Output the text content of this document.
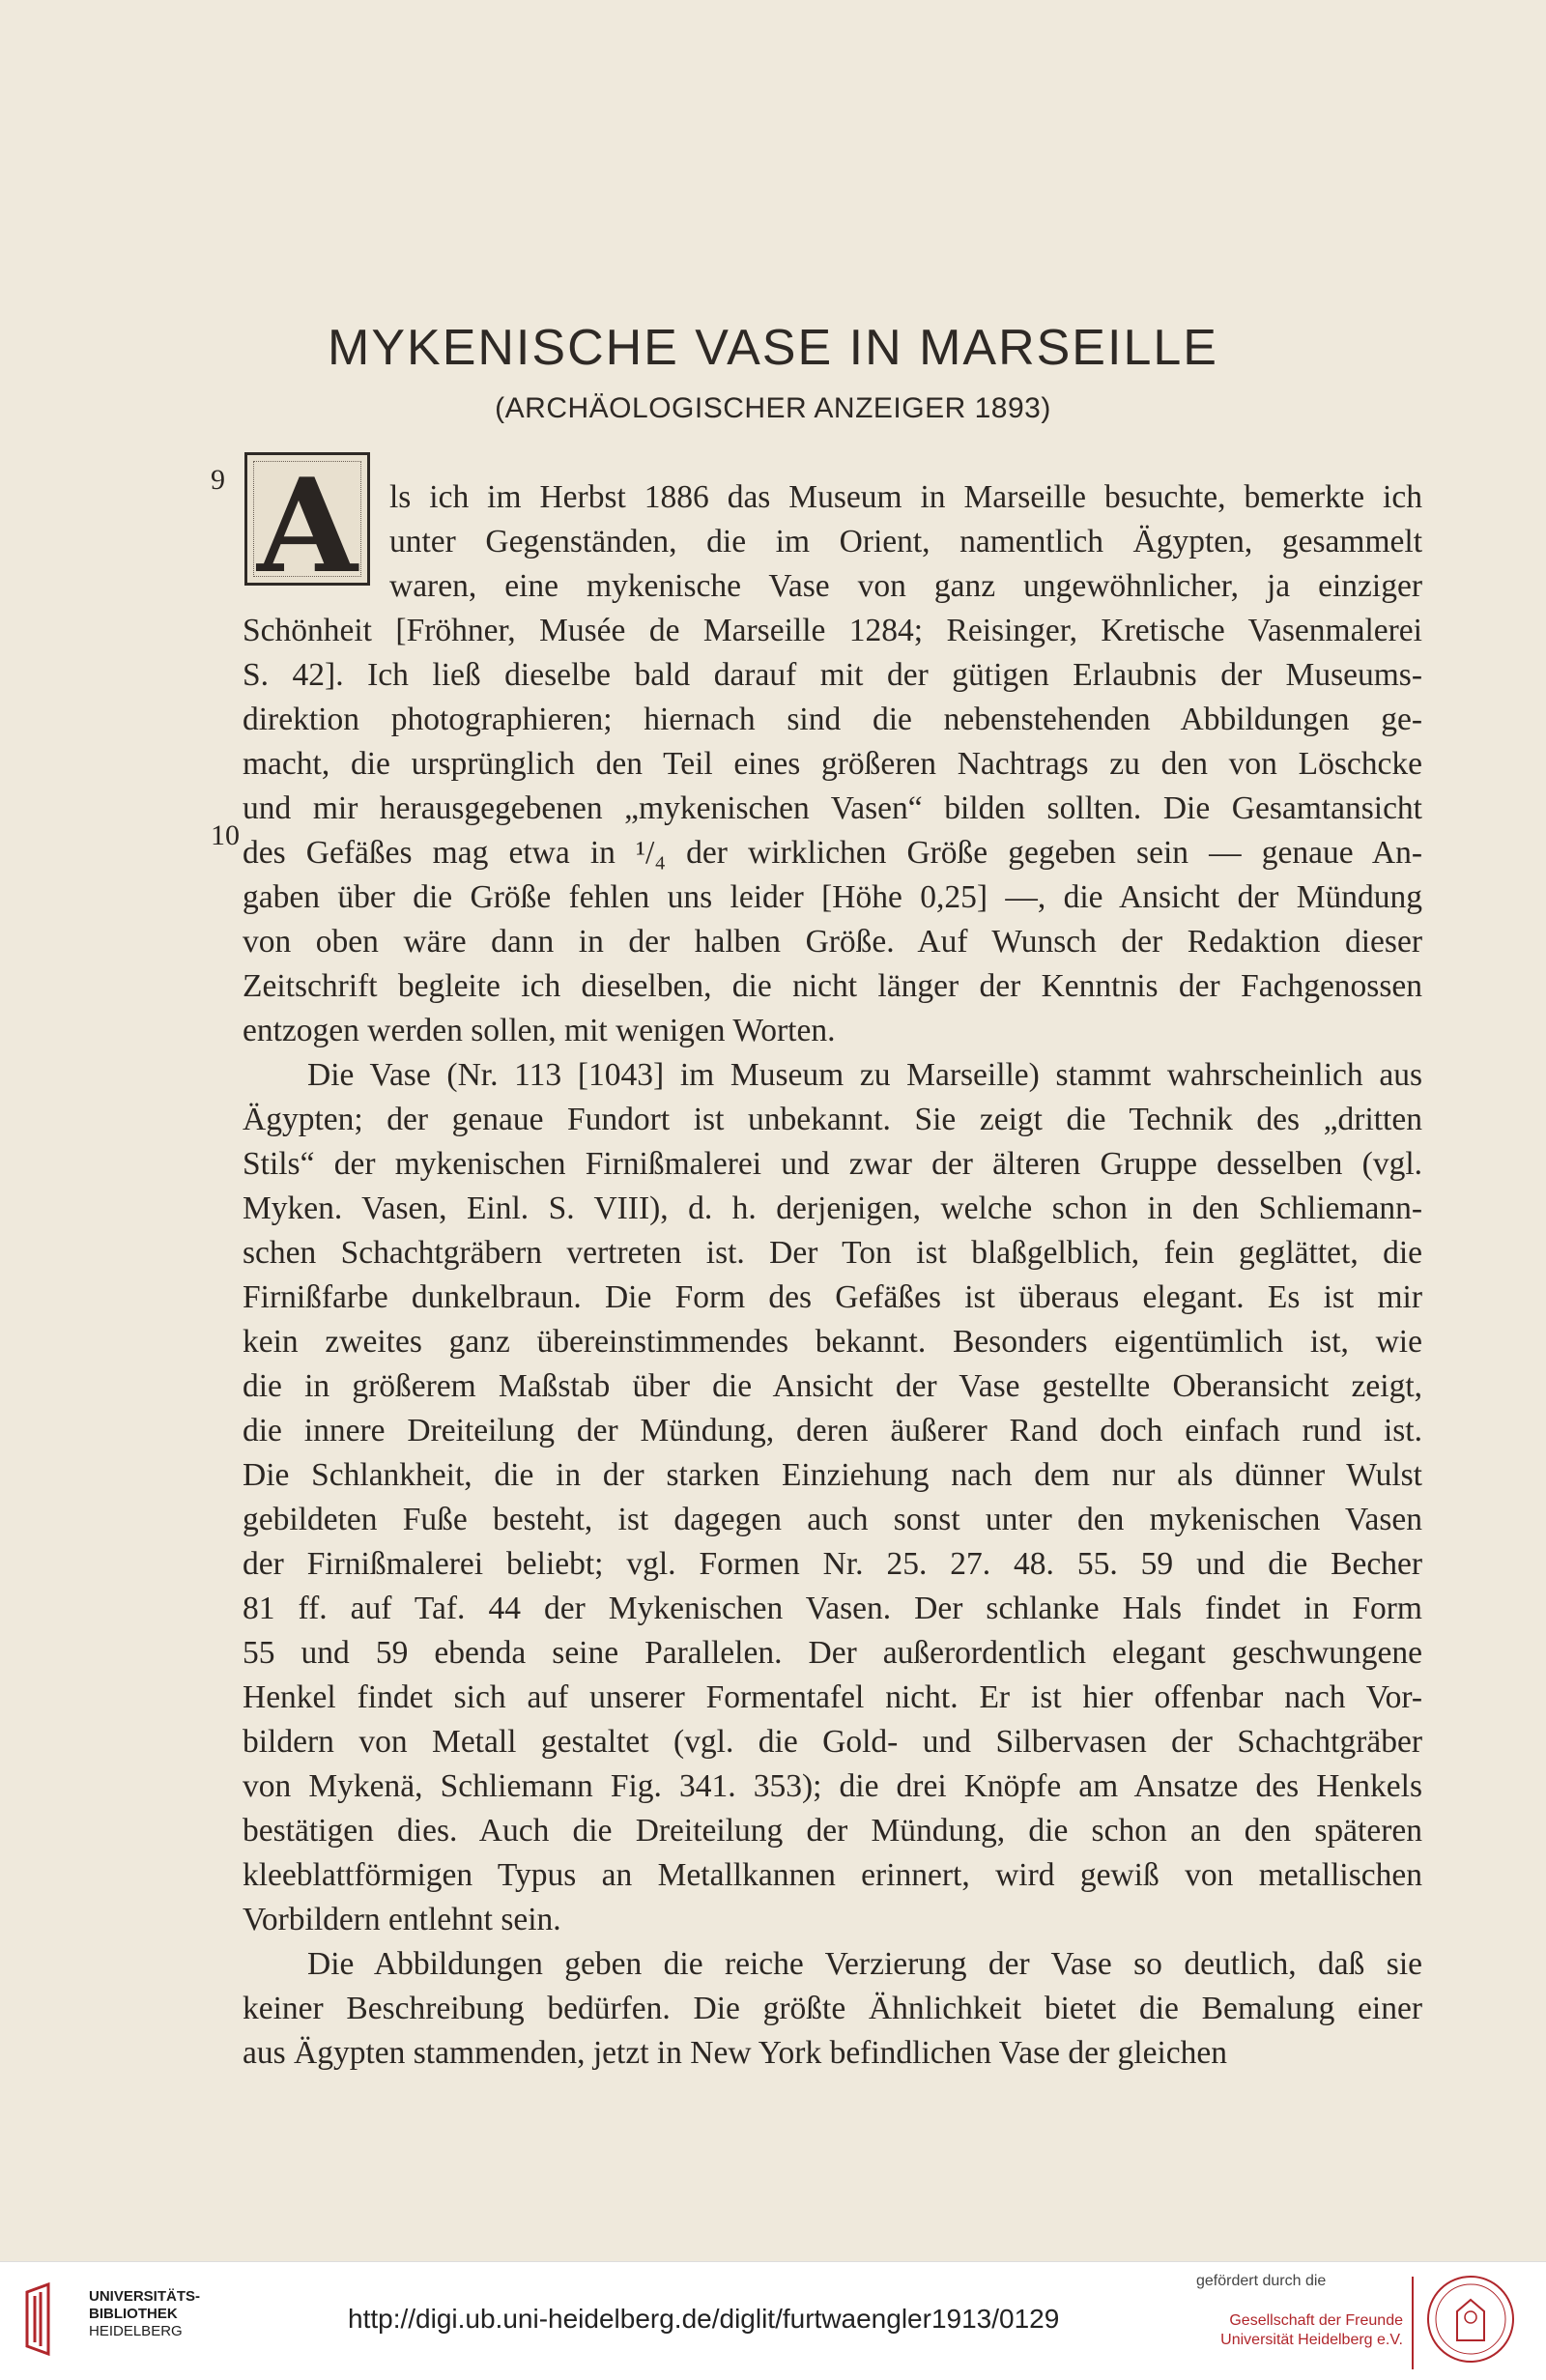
MYKENISCHE VASE IN MARSEILLE
(ARCHÄOLOGISCHER ANZEIGER 1893)
A
9
10
ls ich im Herbst 1886 das Museum in Marseille besuchte, bemerkte ich
unter Gegenständen, die im Orient, namentlich Ägypten, gesammelt
waren, eine mykenische Vase von ganz ungewöhnlicher, ja einziger
Schönheit [Fröhner, Musée de Marseille 1284; Reisinger, Kretische Vasenmalerei
S. 42]. Ich ließ dieselbe bald darauf mit der gütigen Erlaubnis der Museums-
direktion photographieren; hiernach sind die nebenstehenden Abbildungen ge-
macht, die ursprünglich den Teil eines größeren Nachtrags zu den von Löschcke
und mir herausgegebenen „mykenischen Vasen“ bilden sollten. Die Gesamtansicht
des Gefäßes mag etwa in ¹/₄ der wirklichen Größe gegeben sein — genaue An-
gaben über die Größe fehlen uns leider [Höhe 0,25] —, die Ansicht der Mündung
von oben wäre dann in der halben Größe. Auf Wunsch der Redaktion dieser
Zeitschrift begleite ich dieselben, die nicht länger der Kenntnis der Fachgenossen
entzogen werden sollen, mit wenigen Worten.
Die Vase (Nr. 113 [1043] im Museum zu Marseille) stammt wahrscheinlich aus
Ägypten; der genaue Fundort ist unbekannt. Sie zeigt die Technik des „dritten
Stils“ der mykenischen Firnißmalerei und zwar der älteren Gruppe desselben (vgl.
Myken. Vasen, Einl. S. VIII), d. h. derjenigen, welche schon in den Schliemann-
schen Schachtgräbern vertreten ist. Der Ton ist blaßgelblich, fein geglättet, die
Firnißfarbe dunkelbraun. Die Form des Gefäßes ist überaus elegant. Es ist mir
kein zweites ganz übereinstimmendes bekannt. Besonders eigentümlich ist, wie
die in größerem Maßstab über die Ansicht der Vase gestellte Oberansicht zeigt,
die innere Dreiteilung der Mündung, deren äußerer Rand doch einfach rund ist.
Die Schlankheit, die in der starken Einziehung nach dem nur als dünner Wulst
gebildeten Fuße besteht, ist dagegen auch sonst unter den mykenischen Vasen
der Firnißmalerei beliebt; vgl. Formen Nr. 25. 27. 48. 55. 59 und die Becher
81 ff. auf Taf. 44 der Mykenischen Vasen. Der schlanke Hals findet in Form
55 und 59 ebenda seine Parallelen. Der außerordentlich elegant geschwungene
Henkel findet sich auf unserer Formentafel nicht. Er ist hier offenbar nach Vor-
bildern von Metall gestaltet (vgl. die Gold- und Silbervasen der Schachtgräber
von Mykenä, Schliemann Fig. 341. 353); die drei Knöpfe am Ansatze des Henkels
bestätigen dies. Auch die Dreiteilung der Mündung, die schon an den späteren
kleeblattförmigen Typus an Metallkannen erinnert, wird gewiß von metallischen
Vorbildern entlehnt sein.
Die Abbildungen geben die reiche Verzierung der Vase so deutlich, daß sie
keiner Beschreibung bedürfen. Die größte Ähnlichkeit bietet die Bemalung einer
aus Ägypten stammenden, jetzt in New York befindlichen Vase der gleichen
UNIVERSITÄTS-
BIBLIOTHEK
HEIDELBERG	http://digi.ub.uni-heidelberg.de/diglit/furtwaengler1913/0129
gefördert durch die
Gesellschaft der Freunde
Universität Heidelberg e.V.
